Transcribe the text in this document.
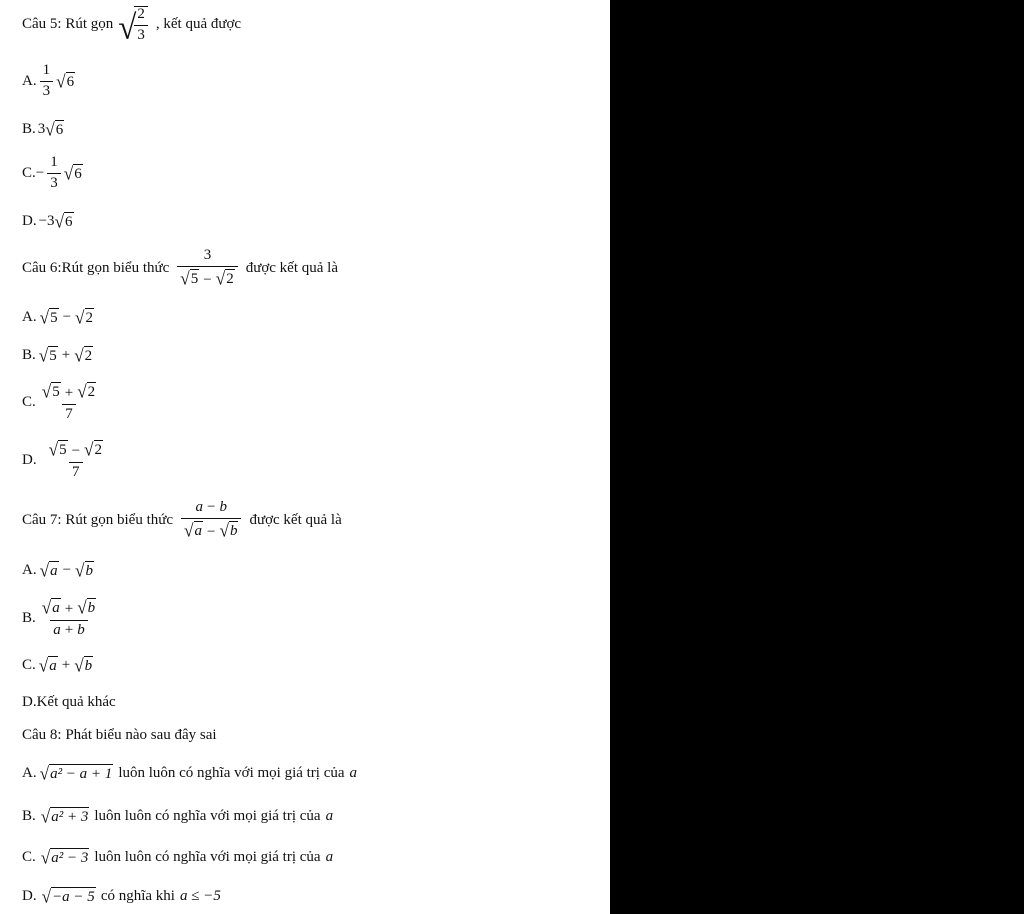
Câu 5: Rút gọn √
$\frac{2}{3}$ , kết quả được
A. $\frac{1}{3}$ √ 6
B. 3 √ 6
C. − $\frac{1}{3}$ √ 6
D. −3 √ 6
Câu 6:Rút gọn biểu thức $\frac{3}{√ 5 - √ 2}$ được kết quả là
A. √ 5 − √ 2
B. √ 5 + √ 2
C. $\frac{√ 5 + √ 2}{7}$
D. $\frac{√ 5 - √ 2}{7}$
Câu 7: Rút gọn biểu thức $\frac{a - b}{√ a - √ b}$ được kết quả là
A. √ a − √ b
B. $\frac{√ a + √ b}{a + b}$
C. √ a + √ b
D.Kết quả khác
Câu 8: Phát biểu nào sau đây sai
A. √ a² − a + 1 luôn luôn có nghĩa với mọi giá trị của a
B. √ a² + 3 luôn luôn có nghĩa với mọi giá trị của a
C. √ a² − 3 luôn luôn có nghĩa với mọi giá trị của a
D. √ −a − 5 có nghĩa khi a ≤ −5
